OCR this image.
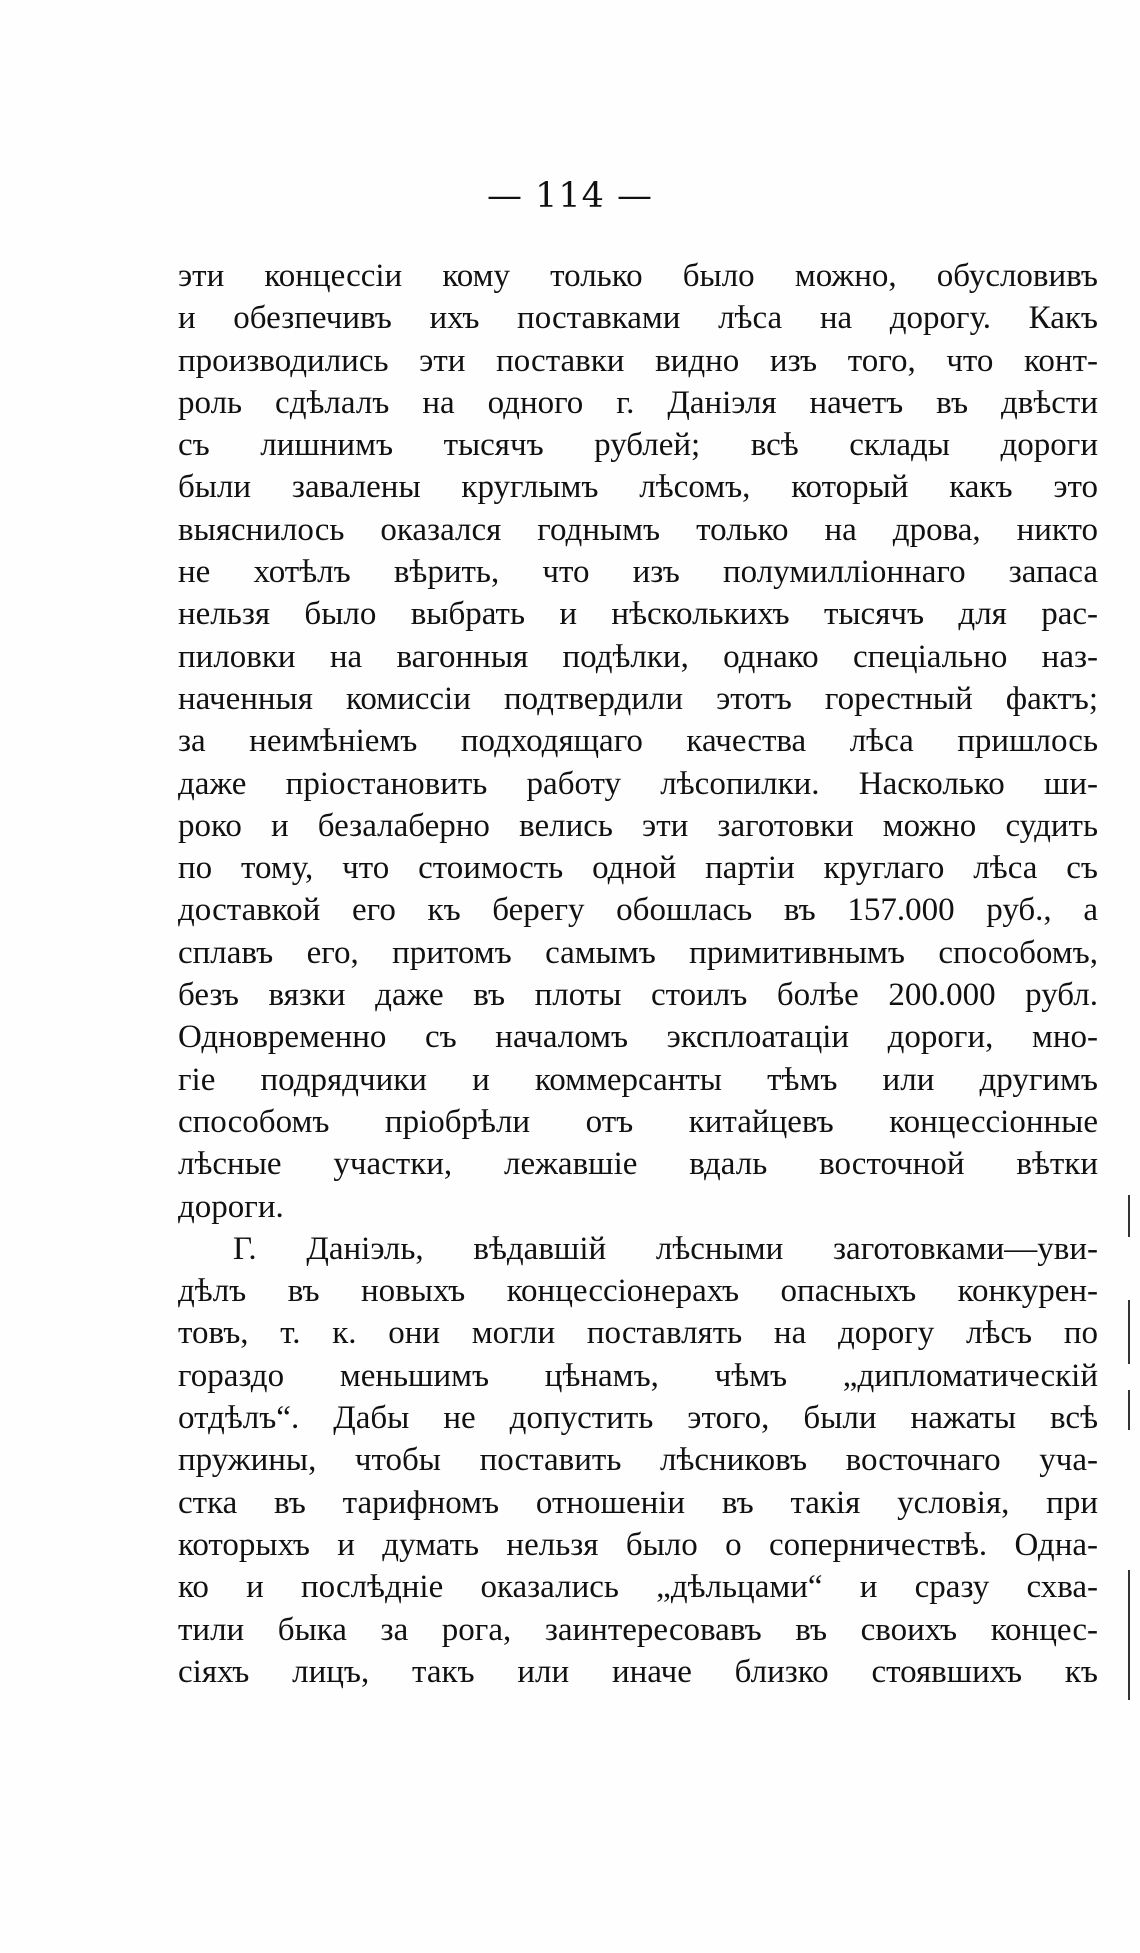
— 114 —
эти концессіи кому только было можно, обусловивъ
и обезпечивъ ихъ поставками лѣса на дорогу. Какъ
производились эти поставки видно изъ того, что конт-
роль сдѣлалъ на одного г. Даніэля начетъ въ двѣсти
съ лишнимъ тысячъ рублей; всѣ склады дороги
были завалены круглымъ лѣсомъ, который какъ это
выяснилось оказался годнымъ только на дрова, никто
не хотѣлъ вѣрить, что изъ полумилліоннаго запаса
нельзя было выбрать и нѣсколькихъ тысячъ для рас-
пиловки на вагонныя подѣлки, однако спеціально наз-
наченныя комиссіи подтвердили этотъ горестный фактъ;
за неимѣніемъ подходящаго качества лѣса пришлось
даже пріостановить работу лѣсопилки. Насколько ши-
роко и безалаберно велись эти заготовки можно судить
по тому, что стоимость одной партіи круглаго лѣса съ
доставкой его къ берегу обошлась въ 157.000 руб., а
сплавъ его, притомъ самымъ примитивнымъ способомъ,
безъ вязки даже въ плоты стоилъ болѣе 200.000 рубл.
Одновременно съ началомъ эксплоатаціи дороги, мно-
гіе подрядчики и коммерсанты тѣмъ или другимъ
способомъ пріобрѣли отъ китайцевъ концессіонные
лѣсные участки, лежавшіе вдаль восточной вѣтки
дороги.
Г. Даніэль, вѣдавшій лѣсными заготовками—уви-
дѣлъ въ новыхъ концессіонерахъ опасныхъ конкурен-
товъ, т. к. они могли поставлять на дорогу лѣсъ по
гораздо меньшимъ цѣнамъ, чѣмъ „дипломатическій
отдѣлъ“. Дабы не допустить этого, были нажаты всѣ
пружины, чтобы поставить лѣсниковъ восточнаго уча-
стка въ тарифномъ отношеніи въ такія условія, при
которыхъ и думать нельзя было о соперничествѣ. Одна-
ко и послѣдніе оказались „дѣльцами“ и сразу схва-
тили быка за рога, заинтересовавъ въ своихъ концес-
сіяхъ лицъ, такъ или иначе близко стоявшихъ къ
